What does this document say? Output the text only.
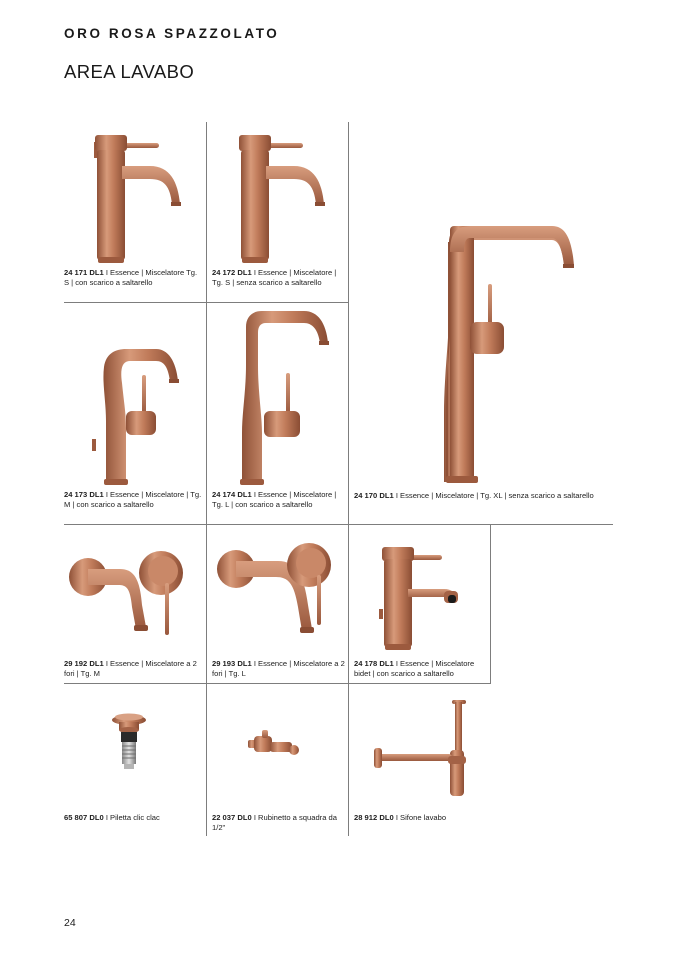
ORO ROSA SPAZZOLATO
AREA LAVABO
24 171 DL1 I Essence | Miscelatore Tg. S | con scarico a saltarello
24 172 DL1 I Essence | Miscelatore | Tg. S | senza scarico a saltarello
24 173 DL1 I Essence | Miscelatore | Tg. M | con scarico a saltarello
24 174 DL1 I Essence | Miscelatore | Tg. L | con scarico a saltarello
24 170 DL1 I Essence | Miscelatore | Tg. XL | senza scarico a saltarello
29 192 DL1 I Essence | Miscelatore a 2 fori | Tg. M
29 193 DL1 I Essence | Miscelatore a 2 fori | Tg. L
24 178 DL1 I Essence | Miscelatore bidet | con scarico a saltarello
65 807 DL0 I Piletta clic clac	22 037 DL0 I Rubinetto a squadra da 1/2"
28 912 DL0 I Sifone lavabo
24
